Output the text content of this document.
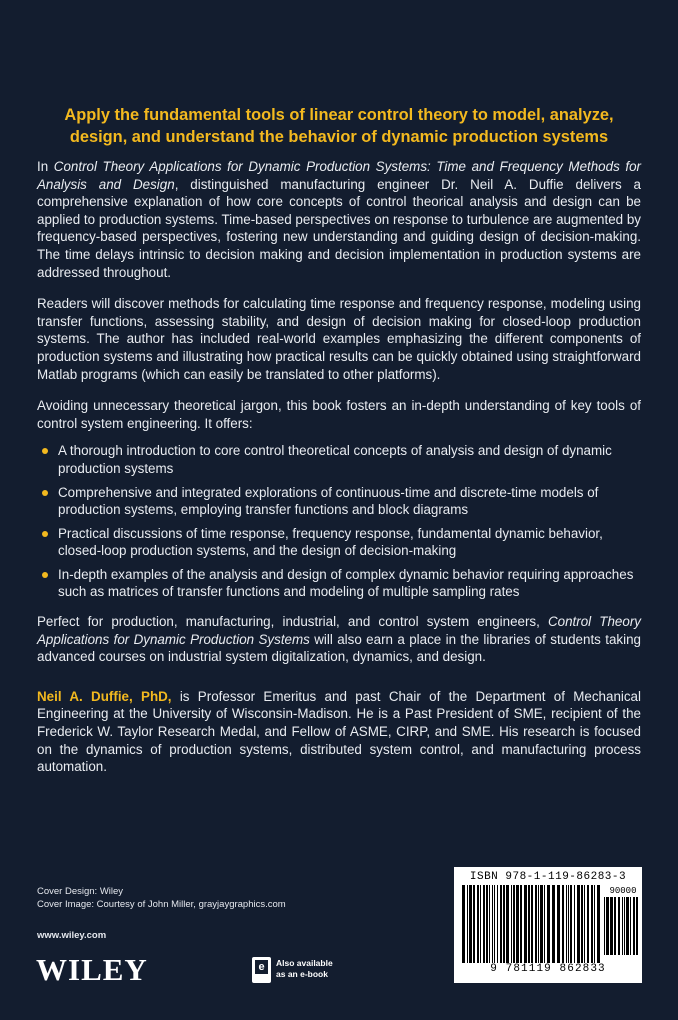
Apply the fundamental tools of linear control theory to model, analyze, design, and understand the behavior of dynamic production systems

In Control Theory Applications for Dynamic Production Systems: Time and Frequency Methods for Analysis and Design, distinguished manufacturing engineer Dr. Neil A. Duffie delivers a comprehensive explanation of how core concepts of control theorical analysis and design can be applied to production systems. Time-based perspectives on response to turbulence are augmented by frequency-based perspectives, fostering new understanding and guiding design of decision-making. The time delays intrinsic to decision making and decision implementation in production systems are addressed throughout.

Readers will discover methods for calculating time response and frequency response, modeling using transfer functions, assessing stability, and design of decision making for closed-loop production systems. The author has included real-world examples emphasizing the different components of production systems and illustrating how practical results can be quickly obtained using straightforward Matlab programs (which can easily be translated to other platforms).

Avoiding unnecessary theoretical jargon, this book fosters an in-depth understanding of key tools of control system engineering. It offers:

A thorough introduction to core control theoretical concepts of analysis and design of dynamic production systems
Comprehensive and integrated explorations of continuous-time and discrete-time models of production systems, employing transfer functions and block diagrams
Practical discussions of time response, frequency response, fundamental dynamic behavior, closed-loop production systems, and the design of decision-making
In-depth examples of the analysis and design of complex dynamic behavior requiring approaches such as matrices of transfer functions and modeling of multiple sampling rates

Perfect for production, manufacturing, industrial, and control system engineers, Control Theory Applications for Dynamic Production Systems will also earn a place in the libraries of students taking advanced courses on industrial system digitalization, dynamics, and design.

Neil A. Duffie, PhD, is Professor Emeritus and past Chair of the Department of Mechanical Engineering at the University of Wisconsin-Madison. He is a Past President of SME, recipient of the Frederick W. Taylor Research Medal, and Fellow of ASME, CIRP, and SME. His research is focused on the dynamics of production systems, distributed system control, and manufacturing process automation.

Cover Design: Wiley
Cover Image: Courtesy of John Miller, grayjaygraphics.com
www.wiley.com
WILEY	e	Also available
as an e-book
ISBN 978-1-119-86283-3
90000
9 781119 862833
